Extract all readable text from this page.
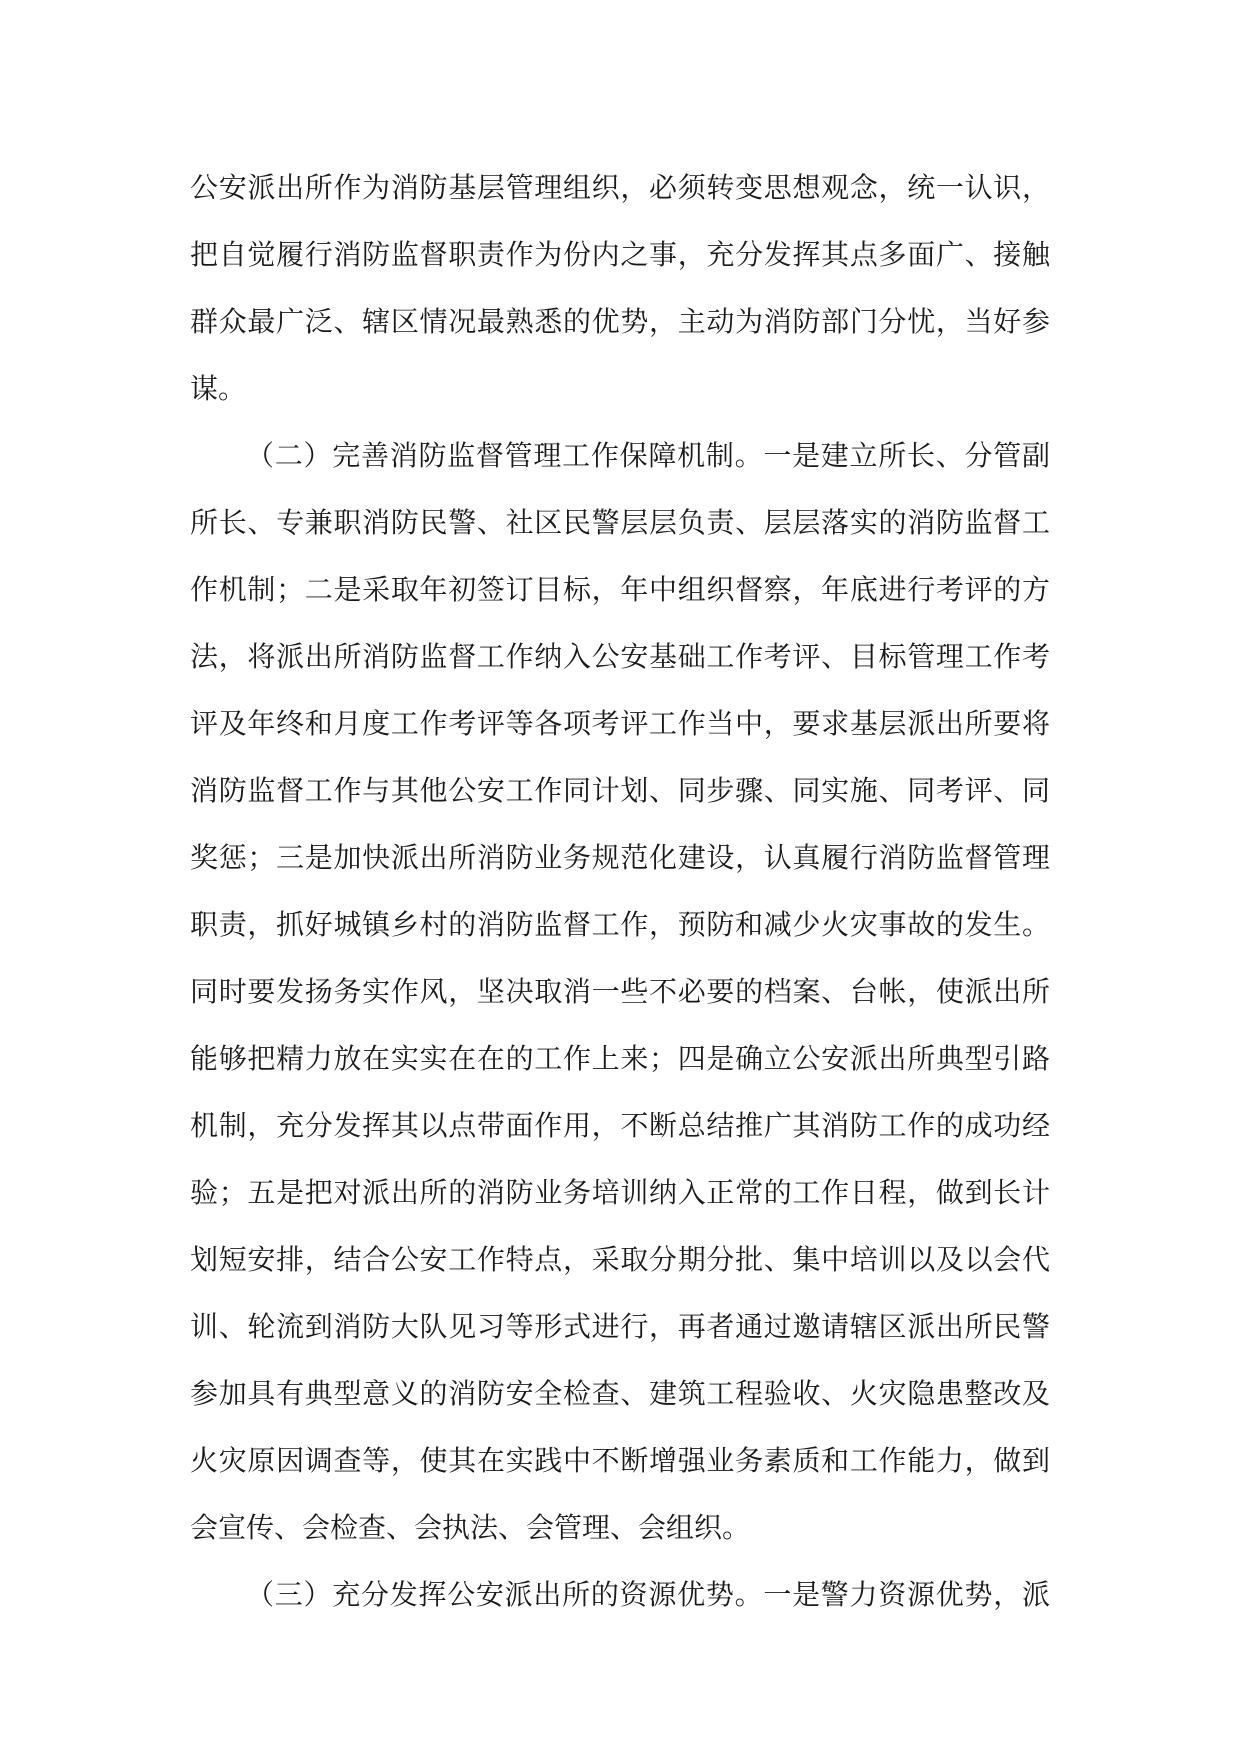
公安派出所作为消防基层管理组织，必须转变思想观念，统一认识，
把自觉履行消防监督职责作为份内之事，充分发挥其点多面广、接触
群众最广泛、辖区情况最熟悉的优势，主动为消防部门分忧，当好参
谋。
（二）完善消防监督管理工作保障机制。一是建立所长、分管副
所长、专兼职消防民警、社区民警层层负责、层层落实的消防监督工
作机制；二是采取年初签订目标，年中组织督察，年底进行考评的方
法，将派出所消防监督工作纳入公安基础工作考评、目标管理工作考
评及年终和月度工作考评等各项考评工作当中，要求基层派出所要将
消防监督工作与其他公安工作同计划、同步骤、同实施、同考评、同
奖惩；三是加快派出所消防业务规范化建设，认真履行消防监督管理
职责，抓好城镇乡村的消防监督工作，预防和减少火灾事故的发生。
同时要发扬务实作风，坚决取消一些不必要的档案、台帐，使派出所
能够把精力放在实实在在的工作上来；四是确立公安派出所典型引路
机制，充分发挥其以点带面作用，不断总结推广其消防工作的成功经
验；五是把对派出所的消防业务培训纳入正常的工作日程，做到长计
划短安排，结合公安工作特点，采取分期分批、集中培训以及以会代
训、轮流到消防大队见习等形式进行，再者通过邀请辖区派出所民警
参加具有典型意义的消防安全检查、建筑工程验收、火灾隐患整改及
火灾原因调查等，使其在实践中不断增强业务素质和工作能力，做到
会宣传、会检查、会执法、会管理、会组织。
（三）充分发挥公安派出所的资源优势。一是警力资源优势，派
